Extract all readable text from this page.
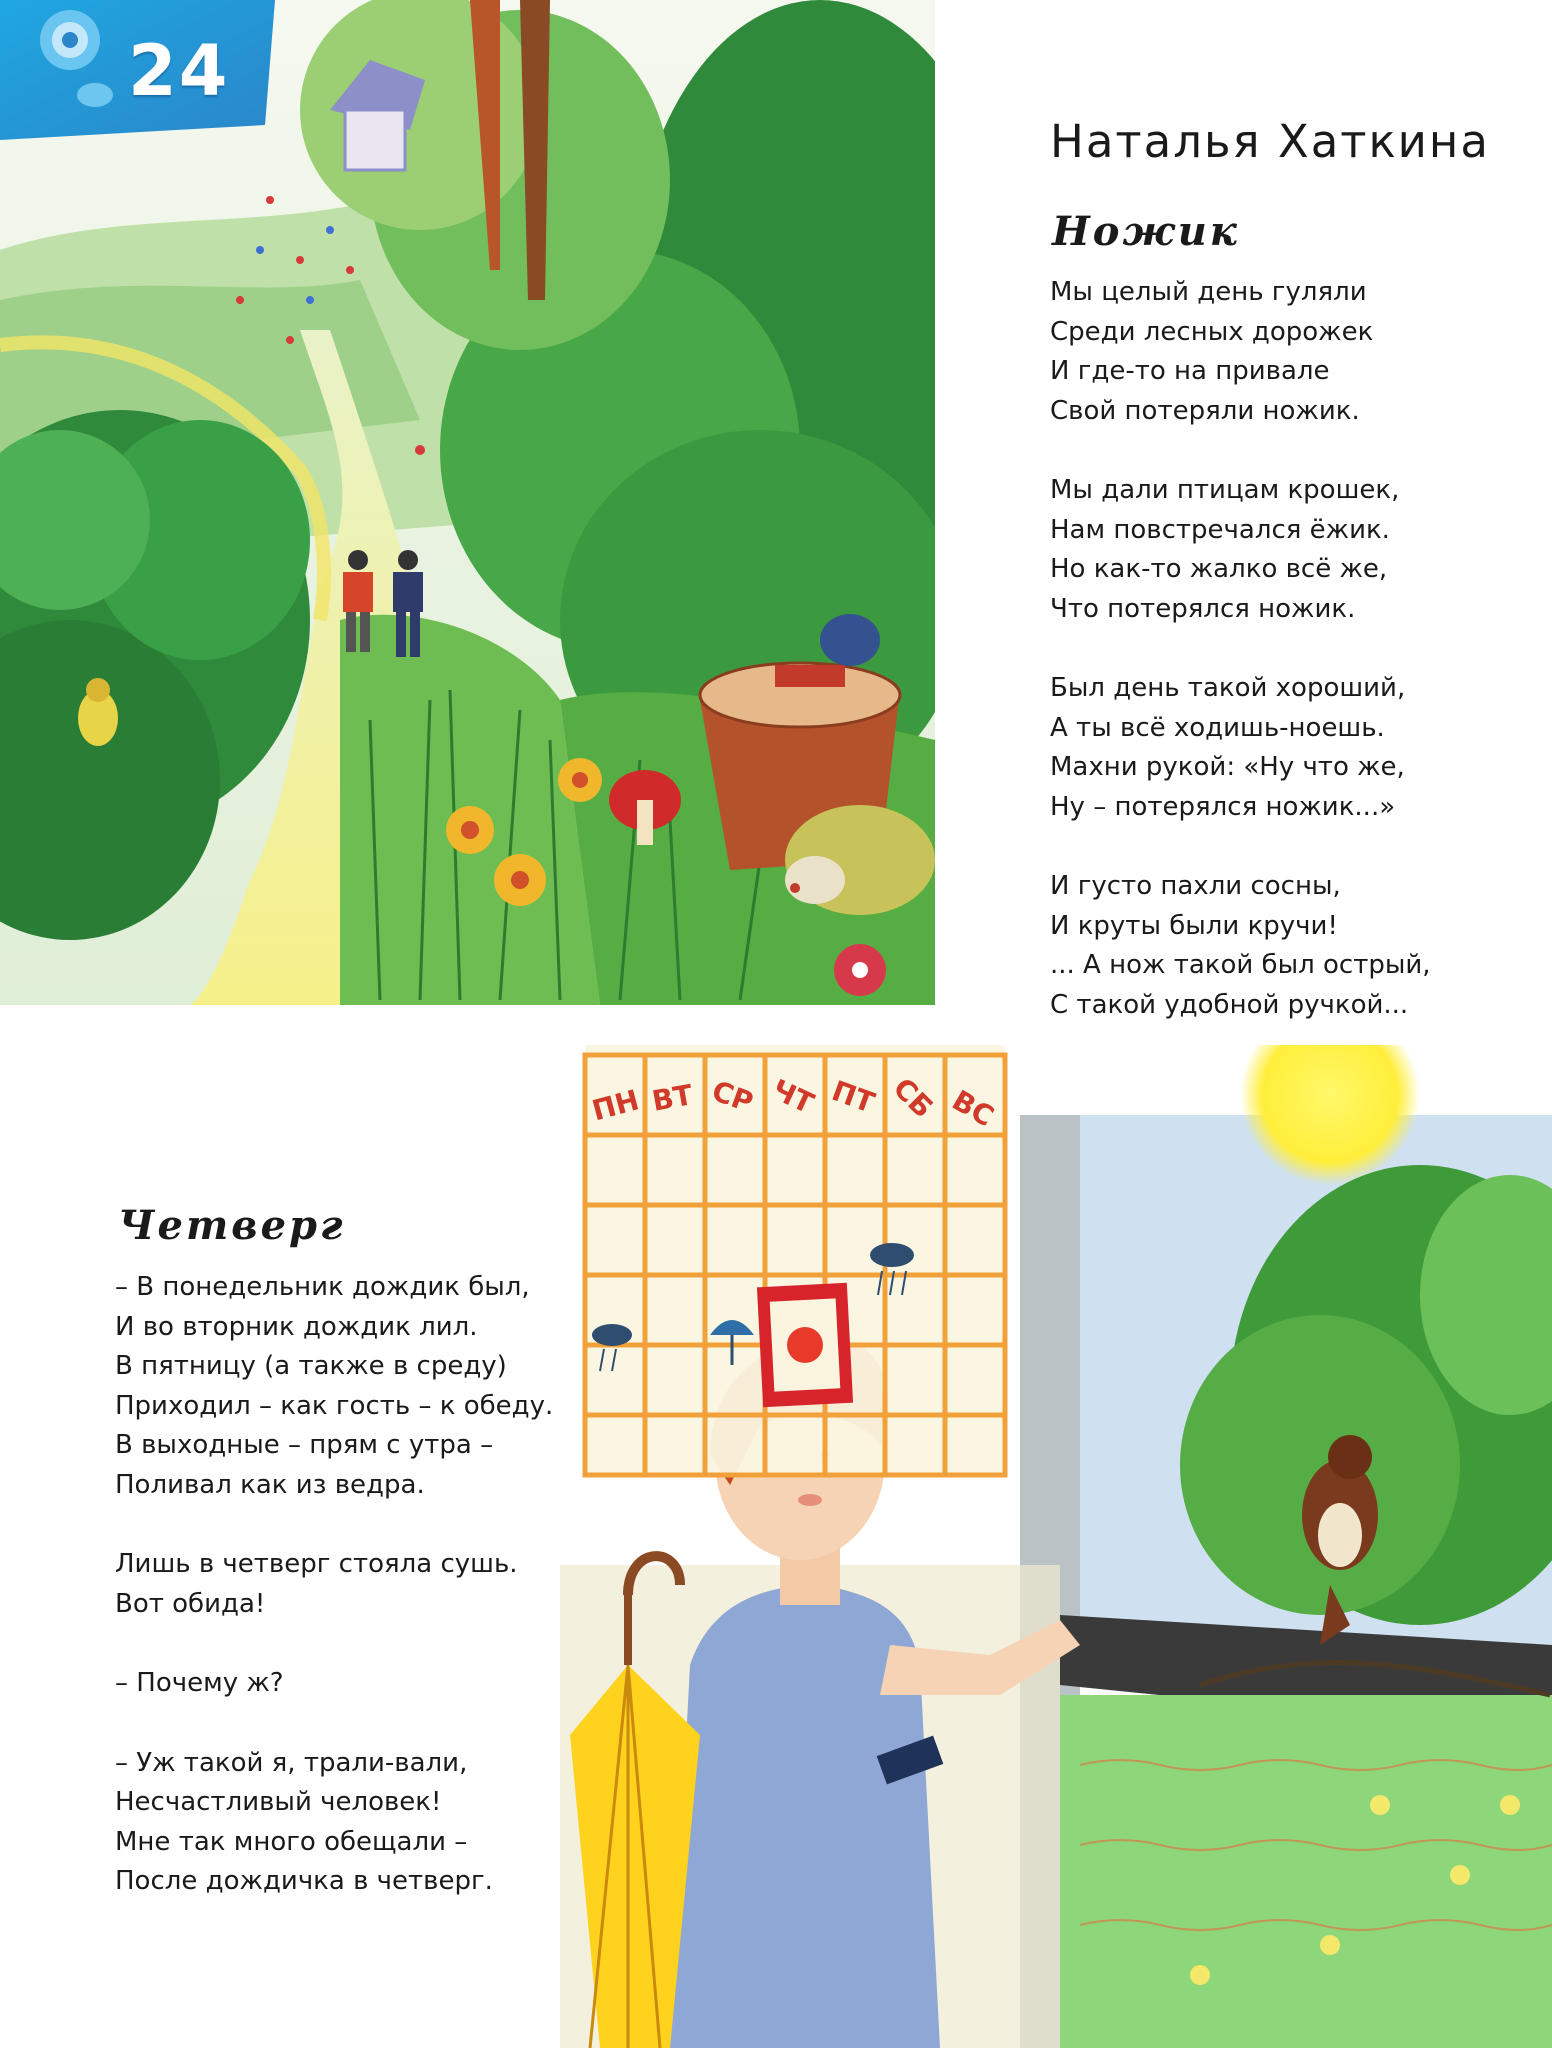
24
Наталья Хаткина
Ножик
Мы целый день гуляли
Среди лесных дорожек
И где-то на привале
Свой потеряли ножик.
Мы дали птицам крошек,
Нам повстречался ёжик.
Но как-то жалко всё же,
Что потерялся ножик.
Был день такой хороший,
А ты всё ходишь-ноешь.
Махни рукой: «Ну что же,
Ну – потерялся ножик...»
И густо пахли сосны,
И круты были кручи!
... А нож такой был острый,
С такой удобной ручкой...
ПН ВТ СР ЧТ ПТ СБ ВС
Четверг
– В понедельник дождик был,
И во вторник дождик лил.
В пятницу (а также в среду)
Приходил – как гость – к обеду.
В выходные – прям с утра –
Поливал как из ведра.
Лишь в четверг стояла сушь.
Вот обида!
– Почему ж?
– Уж такой я, трали-вали,
Несчастливый человек!
Мне так много обещали –
После дождичка в четверг.
